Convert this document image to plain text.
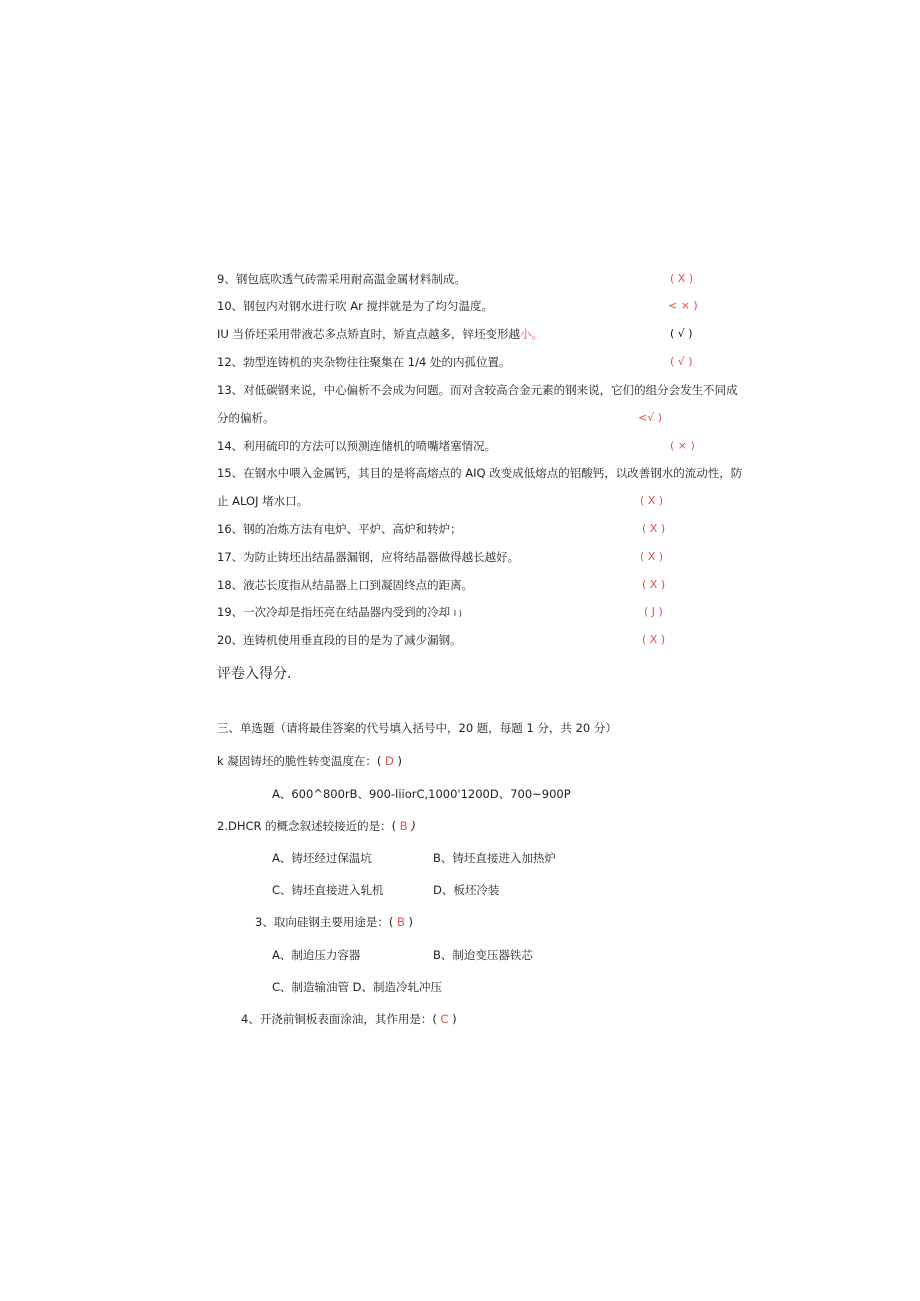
9、钢包底吹透气砖需采用耐高温金属材料制成。	( X )
10、钢包内对钢水进行吹 Ar 搅拌就是为了均匀温度。	< × )
IU 当侨坯采用带液芯多点矫直时，矫直点越多，锌坯变形越小。	( √ )
12、勃型连铸机的夹杂物往往聚集在 1/4 处的内孤位置。	( √ )
13、对低碳钢来说，中心偏析不会成为问题。而对含较高合金元素的钢来说，它们的组分会发生不同成
分的偏析。	<√ )
14、利用硫印的方法可以预测连储机的喷嘴堵塞情况。	( × )
15、在钢水中喂入金属钙，其目的是将高熔点的 AIQ 改变成低熔点的铝酸钙，以改善钢水的流动性，防
止 ALOJ 堵水口。	( X )
16、钢的冶炼方法有电炉、平炉、高炉和转炉；	( X )
17、为防止铸坯出结晶器漏钢，应将结晶器做得越长越好。	( X )
18、液芯长度指从结晶器上口到凝固终点的距离。	( X )
19、一次冷却是指坯亮在结晶器内受到的冷却 I )	( J )
20、连铸机使用垂直段的目的是为了减少漏钢。	( X )
评卷入得分.
三、单选题（请将最佳答案的代号填入括号中，20 题，每题 1 分，共 20 分）
k 凝固铸坯的脆性转变温度在：( D )
A、600^800rB、900-liiorC,1000'1200D、700~900P
2.DHCR 的概念叙述较接近的是：( B )
A、铸坯经过保温坑	B、铸坯直接进入加热炉
C、铸坯直接进入轧机	D、板坯冷装
3、取向硅钢主要用途是：( B )
A、制迨压力容器	B、制迨变压器铁芯
C、制造输油管 D、制造冷轧冲压
4、开浇前铜板表面涂油，其作用是：( C )
